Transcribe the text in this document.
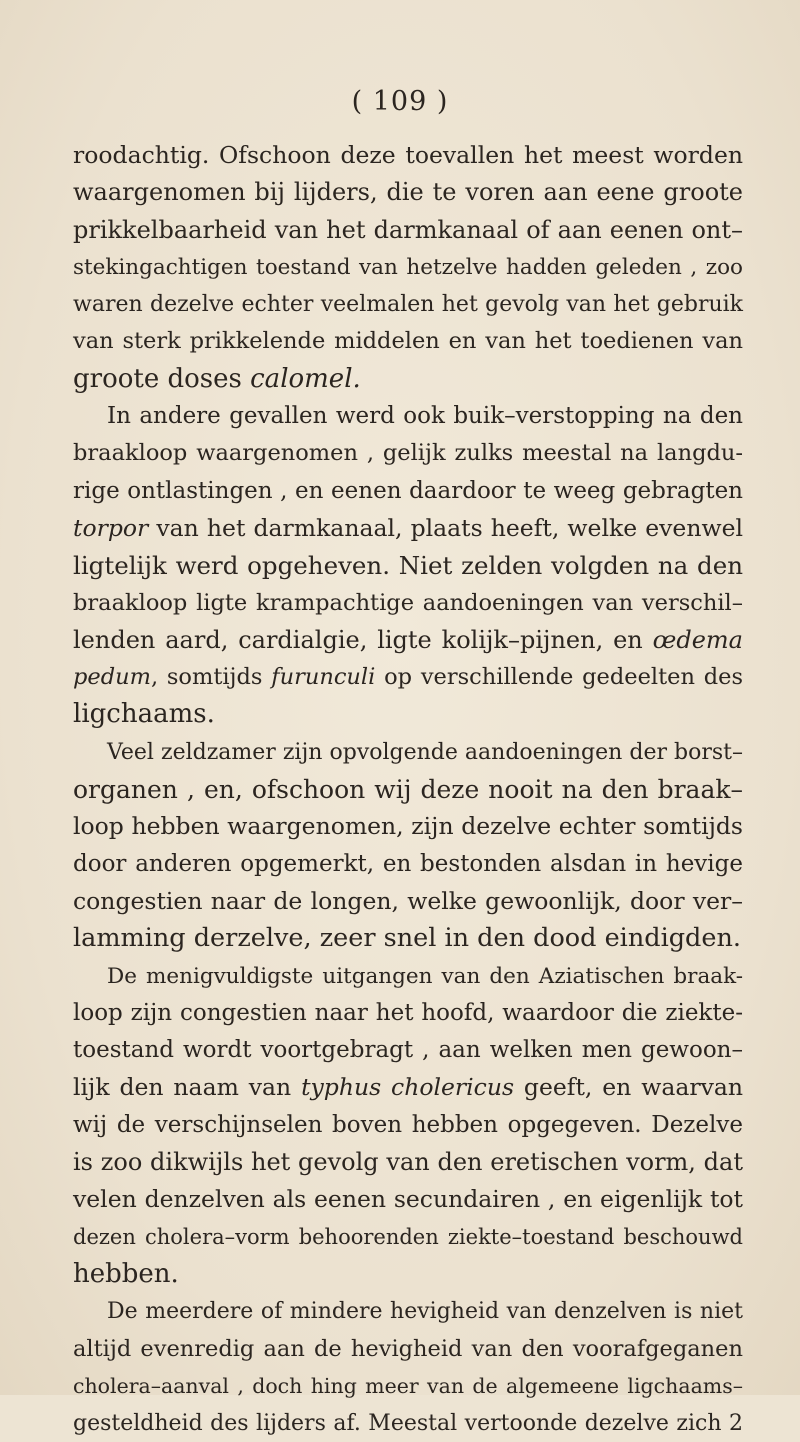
( 109 )
roodachtig. Ofschoon deze toevallen het meest worden
waargenomen bij lijders, die te voren aan eene groote
prikkelbaarheid van het darmkanaal of aan eenen ont–
stekingachtigen toestand van hetzelve hadden geleden , zoo
waren dezelve echter veelmalen het gevolg van het gebruik
van sterk prikkelende middelen en van het toedienen van
groote doses calomel.
In andere gevallen werd ook buik–verstopping na den
braakloop waargenomen , gelijk zulks meestal na langdu-
rige ontlastingen , en eenen daardoor te weeg gebragten
torpor van het darmkanaal, plaats heeft, welke evenwel
ligtelijk werd opgeheven. Niet zelden volgden na den
braakloop ligte krampachtige aandoeningen van verschil–
lenden aard, cardialgie, ligte kolijk–pijnen, en œdema
pedum, somtijds furunculi op verschillende gedeelten des
ligchaams.
Veel zeldzamer zijn opvolgende aandoeningen der borst–
organen , en, ofschoon wij deze nooit na den braak–
loop hebben waargenomen, zijn dezelve echter somtijds
door anderen opgemerkt, en bestonden alsdan in hevige
congestien naar de longen, welke gewoonlijk, door ver–
lamming derzelve, zeer snel in den dood eindigden.
De menigvuldigste uitgangen van den Aziatischen braak-
loop zijn congestien naar het hoofd, waardoor die ziekte-
toestand wordt voortgebragt , aan welken men gewoon–
lijk den naam van typhus cholericus geeft, en waarvan
wij de verschijnselen boven hebben opgegeven. Dezelve
is zoo dikwijls het gevolg van den eretischen vorm, dat
velen denzelven als eenen secundairen , en eigenlijk tot
dezen cholera–vorm behoorenden ziekte–toestand beschouwd
hebben.
De meerdere of mindere hevigheid van denzelven is niet
altijd evenredig aan de hevigheid van den voorafgeganen
cholera–aanval , doch hing meer van de algemeene ligchaams–
gesteldheid des lijders af. Meestal vertoonde dezelve zich 2
